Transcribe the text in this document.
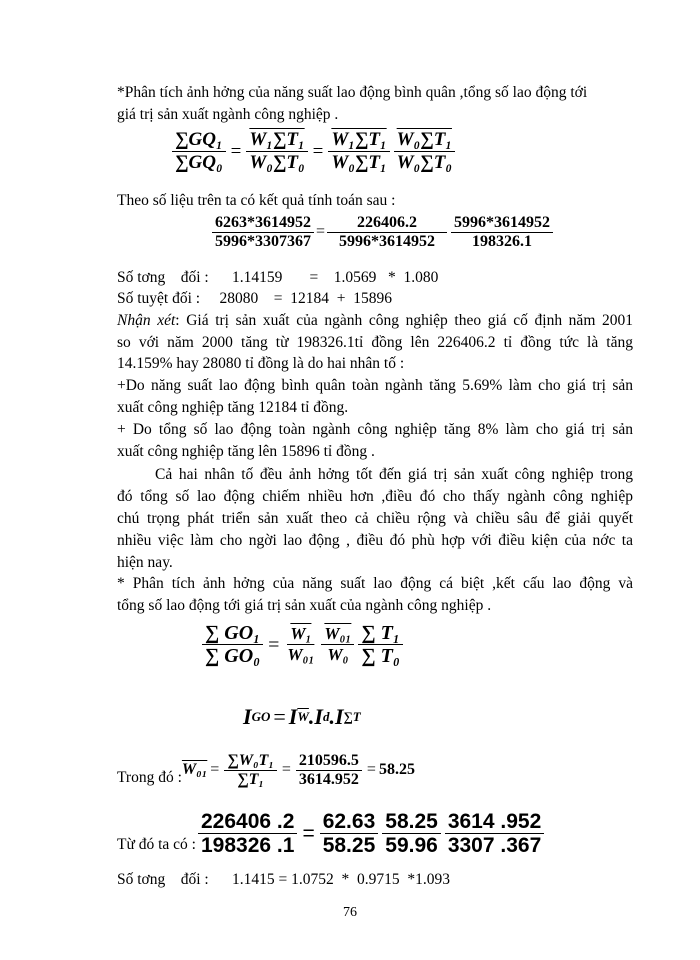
*Phân tích ảnh hởng của năng suất lao động bình quân ,tổng số lao động tới
giá trị sản xuất ngành công nghiệp .
$\frac{\text{∑GQ₁}}{\text{∑GQ₀}} = \frac{\text{W₁∑T₁}}{\text{W₀∑T₀}} = \frac{\text{W₁∑T₁}}{\text{W₀∑T₁}} \frac{\text{W₀∑T₁}}{\text{W₀∑T₀}}$
Theo số liệu trên ta có kết quả tính toán sau :
$\frac{6263*3614952}{5996*3307367} = \frac{226406.2}{5996*3614952} \frac{5996*3614952}{198326.1}$
Số tơng    đối :      1.14159       =    1.0569   *  1.080
Số tuyệt đối :     28080    =  12184  +  15896
Nhận xét: Giá trị sản xuất của ngành công nghiệp theo giá cố định năm 2001
so với năm 2000 tăng từ 198326.1tỉ đồng lên 226406.2 tỉ đồng tức là tăng
14.159% hay 28080 tỉ đồng là do hai nhân tố :
+Do năng suất lao động bình quân toàn ngành tăng 5.69% làm cho giá trị sản
xuất công nghiệp tăng 12184 tỉ đồng.
+ Do tổng số lao động toàn ngành công nghiệp tăng 8% làm cho giá trị sản
xuất công nghiệp tăng lên 15896 tỉ đồng .
Cả hai nhân tố đều ảnh hởng tốt đến giá trị sản xuất công nghiệp trong
đó tổng số lao động chiếm nhiều hơn ,điều đó cho thấy ngành công nghiệp
chú trọng phát triển sản xuất theo cả chiều rộng và chiều sâu để giải quyết
nhiều việc làm cho ngời lao động , điều đó phù hợp với điều kiện của nớc ta
hiện nay.
* Phân tích ảnh hởng của năng suất lao động cá biệt ,kết cấu lao động và
tổng số lao động tới giá trị sản xuất của ngành công nghiệp .
$\frac{\text{∑ GO₁}}{\text{∑ GO₀}} = \frac{\text{W₁}}{\text{W₀₁}} \frac{\text{W₀₁}}{\text{W₀}} \frac{\text{∑ T₁}}{\text{∑ T₀}}$
I GO = I $\overline{W}$ .I d .I ∑T
Trong đó : $W_{01} = \frac{\text{∑W₀T₁}}{\text{∑T₁}} = \frac{210596.5}{3614.952} = 58.25$
Từ đó ta có : $\frac{226406 .2}{198326 .1} = \frac{62.63}{58.25} \frac{58.25}{59.96} \frac{3614 .952}{3307 .367}$
Số tơng    đối :      1.1415 = 1.0752  *  0.9715  *1.093
76
